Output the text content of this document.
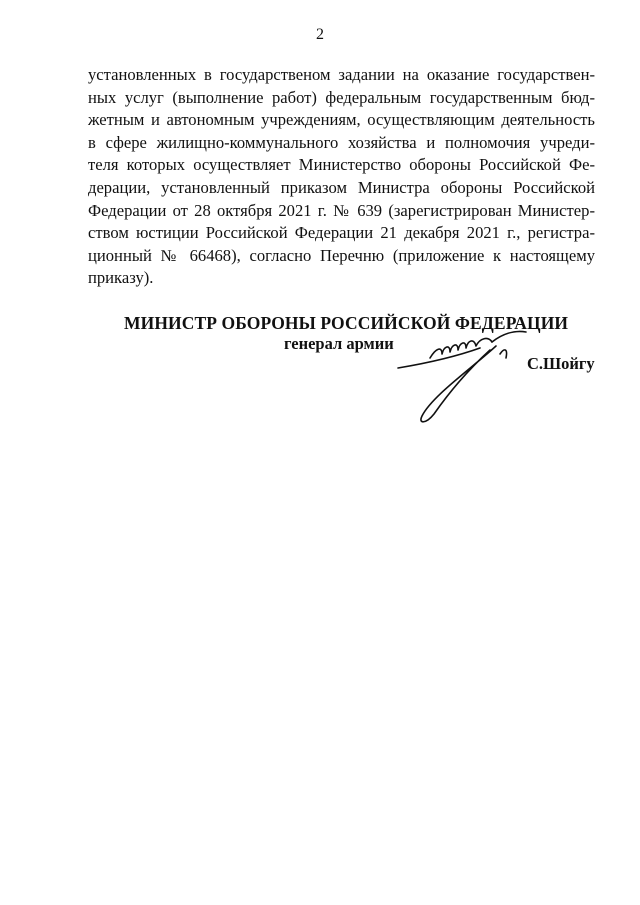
2
установленных в государственом задании на оказание государствен-
ных услуг (выполнение работ) федеральным государственным бюд-
жетным и автономным учреждениям, осуществляющим деятельность
в сфере жилищно-коммунального хозяйства и полномочия учреди-
теля которых осуществляет Министерство обороны Российской Фе-
дерации, установленный приказом Министра обороны Российской
Федерации от 28 октября 2021 г. № 639 (зарегистрирован Министер-
ством юстиции Российской Федерации 21 декабря 2021 г., регистра-
ционный № 66468), согласно Перечню (приложение к настоящему
приказу).
МИНИСТР ОБОРОНЫ РОССИЙСКОЙ ФЕДЕРАЦИИ
генерал армии
С.Шойгу
